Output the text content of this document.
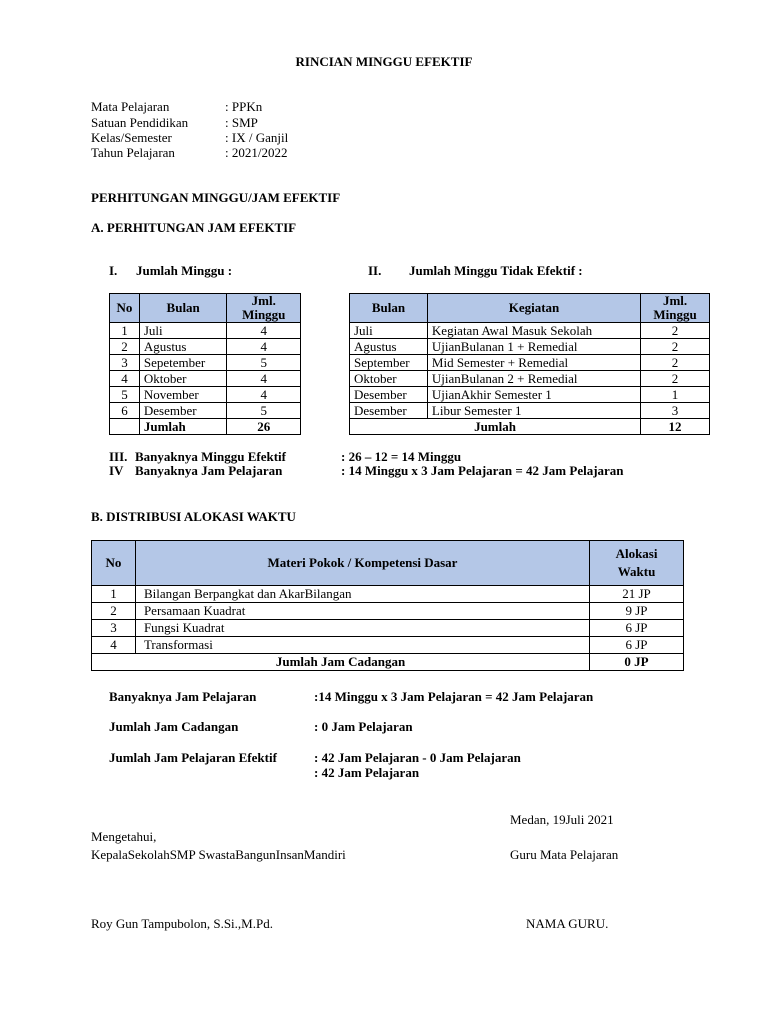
RINCIAN MINGGU EFEKTIF
Mata Pelajaran	: PPKn
Satuan Pendidikan	: SMP
Kelas/Semester	: IX / Ganjil
Tahun Pelajaran	: 2021/2022
PERHITUNGAN MINGGU/JAM EFEKTIF
A. PERHITUNGAN JAM EFEKTIF
I. Jumlah Minggu :	II. Jumlah Minggu Tidak Efektif :
No	Bulan	Jml. Minggu
1	Juli	4
2	Agustus	4
3	Sepetember	5
4	Oktober	4
5	November	4
6	Desember	5
	Jumlah	26
Bulan	Kegiatan	Jml. Minggu
Juli	Kegiatan Awal Masuk Sekolah	2
Agustus	UjianBulanan 1 + Remedial	2
September	Mid Semester + Remedial	2
Oktober	UjianBulanan 2 + Remedial	2
Desember	UjianAkhir Semester 1	1
Desember	Libur Semester 1	3
Jumlah		12
III. Banyaknya Minggu Efektif	: 26 – 12 = 14 Minggu
IV Banyaknya Jam Pelajaran	: 14 Minggu x 3 Jam Pelajaran = 42 Jam Pelajaran
B. DISTRIBUSI ALOKASI WAKTU
No	Materi Pokok / Kompetensi Dasar	Alokasi Waktu
1	Bilangan Berpangkat dan AkarBilangan	21 JP
2	Persamaan Kuadrat	9 JP
3	Fungsi Kuadrat	6 JP
4	Transformasi	6 JP
Jumlah Jam Cadangan		0 JP
Banyaknya Jam Pelajaran	:14 Minggu x 3 Jam Pelajaran = 42 Jam Pelajaran
Jumlah Jam Cadangan	: 0 Jam Pelajaran
Jumlah Jam Pelajaran Efektif	: 42 Jam Pelajaran - 0 Jam Pelajaran
: 42 Jam Pelajaran
Medan, 19Juli 2021
Mengetahui,
KepalaSekolahSMP SwastaBangunInsanMandiri	Guru Mata Pelajaran
Roy Gun Tampubolon, S.Si.,M.Pd.	NAMA GURU.
